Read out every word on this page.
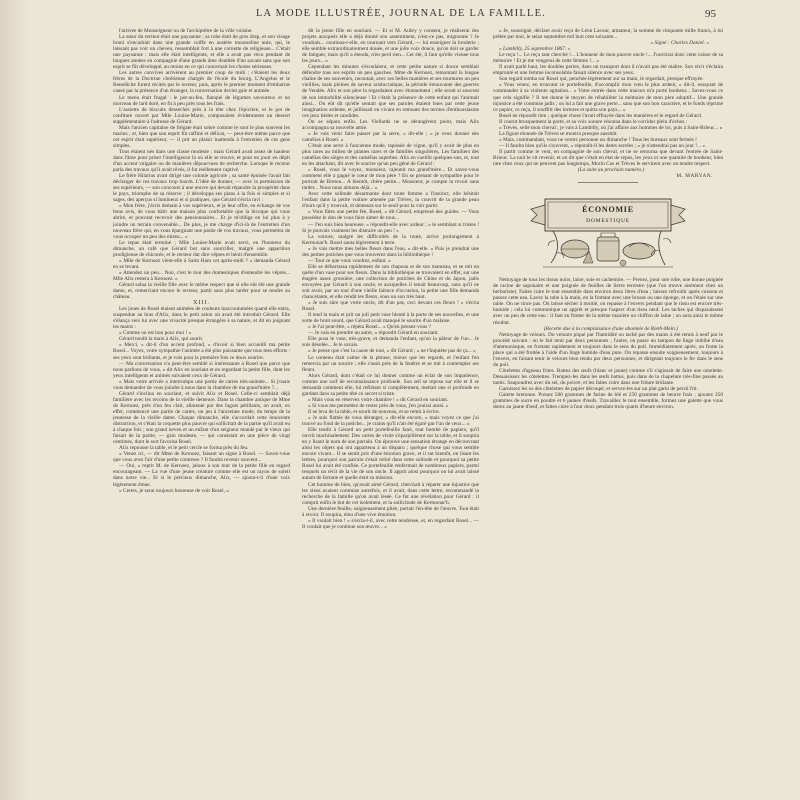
LA MODE ILLUSTRÉE, JOURNAL DE LA FAMILLE.	95

l'arrivée de Monseigneur ou de l'archiprêtre de la ville voisine.

La sœur du recteur était une paysanne ; sa robe était de gros drap, et son visage bruni s'encadrait dans une grande coiffe en austère mousseline unie, qui, le laissant pas voir un cheveu, ressemblait fort à une cornette de religieuse... C'était une paysanne : mais elle était intelligente, et elle a avait pas vécu pendant de longues années en compagnie d'une grande âme doublée d'un savant sans que son esprit se fût développé, au moins en ce qui concernait les choses sérieuses.

Les autres convives arrivèrent au premier coup de midi ; c'étaient les deux frères de la Doctrine chrétienne chargés de l'école du bourg. L'Angelus et le Benedicite furent récités par le recteur, puis, après le premier moment d'embarras causé par la présence d'un étranger, la conversation devint gaie et animée.

Le menu était frugal : le pot-au-feu, flanqué de légumes savoureux et un morceau de lard doré, en fit à peu près tous les frais.

L'assiette de biscuits desséchés près à la tête chez l'épicière, et le pot de confiture ouvert par Mlle Louise-Marie, composaient évidemment un dessert supplémentaire à l'adresse de Gérard.

Mais l'ancien capitaine de frégate était sobre comme le sont le plus souvent les marins ; et, bien que son esprit fût raffiné et délicat, — peut-être même parce que cet esprit était supérieur, — il prit un plaisir inattendu à l'entretien de ces gens simples.

Tous étaient nés dans une classe modeste ; mais Gérard avait assez de hauteur dans l'âme pour priser l'intelligence là où elle se trouve, et pour en jouir en dépit d'un accent vulgaire ou de manières dépourvues de recherche. Lorsque le recteur parla des travaux qu'il avait rêvés, il fut réellement captivé.

Le frère Hilarius avait dirigé une colonie agricole ; sa santé épuisée l'avait fait décharger de ces travaux trop lourds. L'idée de donner, — avec la permission de ses supérieurs, — son concours à une œuvre qui devait répandre la prospérité dans le pays, triomphe de sa réserve ; il développa ses plans à la fois si simples et si sages, des aperçus si lumineux et si pratiques, que Gérard s'écria ravi :

« Mon frère, j'écris demain à vos supérieurs, et je leur offre, en échange de vos bons avis, de vous bâtir une maison plus confortable que la bicoque qui vous abrite, et pouvant recevoir des pensionnaires... Et je m'oblige en lui plus à y joindre un terrain convenable... De plus, je me charge d'ici-là de l'entretien d'un nouveau frère qui, en vous épargnant une partie de vos travaux, vous permettra de vous occuper un peu des miens... »

Le repas était terminé ; Mlle Louise-Marie avait servi, en l'honneur du dimanche, un café que Gérard but sans sourciller, malgré une apparition prodigieuse de chicorée, et le recteur dut dire vêpres et bénit d'ensemble.

« Mlle de Kernoez vient-elle à Saint Ham cet après-midi ? » demanda Gérard en se levant.

« Attendez un peu... Non, c'est le tour des domestiques d'entendre les vêpres... Mlle Alix restera à Kernoez. »

Gérard salua la vieille fille avec le même respect que si elle eût été une grande dame, et, remerciant encore le recteur, partit sans plus tarder pour se rendre au château.

XIII.

Les joues de Rosel étaient animées de couleurs inaccoutumées quand elle entra, suspendue au bras d'Alix, dans le petit salon où avait été introduit Gérard. Elle s'élança vers lui avec une vivacité presque étrangère à sa nature, et dit en joignant les mains :

« Comme on est bon pour moi ! »

Gérard tendit la main à Alix, qui sourit.

« Merci, » dit-il d'un accent profond, « d'avoir si bien accueilli ma petite Rosel... Voyez, votre sympathie l'animée a été plus puissante que tous mes efforts : ses yeux sont brillants, et je vois pour la première fois ce doux sourire.

— Ma conversation n'a peut-être semblé si intéressante à Rosel que parce que nous parlions de vous, » dit Alix en souriant et en regardant la petite fille, dont les yeux intelligents et animés suivaient ceux de Gérard.

« Mais votre arrivée a interrompu une partie de cartes très-animée... Si j'osais vous demander de vous joindre à nous dans la chambre de ma grand'mère ?...

Gérard s'inclina en souriant, et suivit Alix et Rosel. Celle-ci semblait déjà familière avec les recoins de la vieille demeure. Dans la chambre antique de Mme de Kernoez, près d'un feu clair, alimenté par des fagots pétillants, on avait, en effet, commencé une partie de cartes, un jeu à l'ancienne mode, du temps de la jeunesse de la vieille dame. Chaque dimanche, elle s'accordait cette innocente distraction, et c'était la coquette plus pauvre qui sollicitait de la partie qu'il avait eu à chaque fois ; son grand neveu et un enfant d'un seigneur mandé par le vieux qui faisait de la partie, — gain modeste, — qui consistait en une pièce de vingt centimes, dont le sort favorisa Rosel.

Alix repousse la table, et le petit cercle se forma près du feu.

« Venez ici, — dit Mme de Kernoez, faisant un signe à Rosel. — Savez-vous que vous avez l'air d'une petite comtesse ? Il faudra revenir souvent...

— Oui, » reprit M. de Kernoez, jaloux à son tour de la petite fille en regard encourageant. — La vue d'une jeune créature comme elle est un rayon de soleil dans notre vie... Et si le précieux dimanche, Alix, — ajouta-t-il d'une voix légèrement émue.

« Certes, je serai toujours heureuse de voir Rosel, »

dit la jeune fille en souriant. — Et si M. Aubry y consent, je réaliserai des projets auxquels elle a déjà donné son assentiment, n'est-ce pas, mignonne ? Je voudrais... continua-t-elle, en tournant vers Gérard, — lui enseigner la broderie ; elle semble extraordinairement douée, et une jolie voix douce, qu'on doit se garder de fatiguer, mais qu'il a étendu, n'en perd rien... Cet été, il faut qu'elle vienne tous les jours... »

Cependant les minutes s'écoulaient, et cette petite nature si douce semblait défendre tous ses esprits un peu gauches. Mme de Kernoez, remontant la longue chaîne de ses souvenirs, racontait, avec ses belles manières et ses tournures un peu vieillies, mais pleines de saveur aristocratique, la période émouvante des guerres de Vendée. Alix et son père la regardaient avec étonnement ; elle serait si souvent de son immobilité silencieuse ! Et c'était la présence de cette enfant qui l'animait ainsi... On eût dit qu'elle sentait que ses paroles étaient bues par cette jeune imagination ardente, et jaillissait en vivant en remuant des termes d'enthousiasme ces jeux tièdes et candides.

On se sépara enfin. Les Viellards ne se dérangèrent point, mais Alix accompagna sa nouvelle amie.

« Je vais venir faire passer par la serre, » dit-elle ; « je veux donner des camélias à Rosel. »

C'était une serre à l'ancienne mode, tapissée de vigne, qu'il y avait de plus en plus rares au milieu de plantes rares et de familles singulières, Les familiers des camélias des sièges et des camélias superbes. Alix en cueillit quelques-uns, et, tout en les attachant, dit avec le sourire qu'un peu gêné de Gérard :

« Rosel, vous le voyez, monsieur, rajeunit ma grand'mère... Et savez-vous comment elle a gagné le cœur de mon père ? En se prenant de sympathie pour le portrait de Breton... A bientôt, chère petite... Monsieur, je compte la revoir sans tarder... Nous nous aimons déjà... »

Avec cette solitude désarmante dont toute femme a l'instinct, elle hésitait l'enfant dans la petite voiture amenée par Trèves, la couvrit de la grande peau d'ours qu'il y trouvait, et demeura sur le seuil pour la voir partir.

« Vous fûtes une petite fée, Rosel, » dit Gérard, empressé des guides. — Vous possédez le don de vous faire aimer de tous...

— J'en suis bien heureuse, » répondit-elle avec ardeur ; « le semblant si tristes ! Si je pouvais vraiment les distraire un peu ! »

La voiture, malgré les difficultés de la route, arrive prolongement à Kermonar'h. Rosel sauta légèrement à terre.

« Je vais mettre mes belles fleurs dans l'eau, » dit-elle. « Puis je prendrai une des petites potiches que vous trouverez dans la bibliothèque !

— Tout ce que vous voudrez, enfant. »

Elle se débarrassa rapidement de son chapeau et de son manteau, et se mit en quête d'un vase pour ses fleurs. Dans la bibliothèque se trouvaient en effet, sur une étagère assez grossière, une collection de potiches de Chine et du Japon, jadis envoyées par Gérard à son oncle, et auxquelles il tenait beaucoup, sans qu'il ne soit avoir, par un tour d'une vieille faïence d'occasion, la petite une fille demanda chancelante, et elle rendit les fleurs, sous un son très haut.

« Je suis sûre que votre oncle, dit d'un pas, ceci devant ces fleurs ! » s'écria Rosel.

Il tend la main et prit un joli petit vase bleuté à la porte de ses nouvelles, et une sorte de bruit sourd, que Gérard avait manqué le sourire d'un malaise.

« Je l'ai peut-être, » répéta Rosel... « Qu'en pensez-vous ?

— Je vais en prendre un autre, » répondit Gérard en souriant.

Elle posa le vase, très-grave, et demanda l'enfant, qu'on la pâleur de l'un... Je suis désolée... Je le savais.

« Je pense que c'est la cause de tout, » dit Gérard ; « ne t'inquiète pas de ça... »

Le contenu était calme de la phrase, mieux que les regards, et l'enfant l'en remercia par un sourire ; elle s'assit près de la fenêtre et se mit à contempler ses fleurs.

Alors Gérard, dont c'était ce lui donner comme un éclat de son impatience, comme une soif de reconnaissance profonde. Son œil se reposa sur elle et il se demanda comment elle, lui reflétant si complètement, mettait une si profonde en gardant dans sa petite tête ce secret si triste.

« Mais vous en réservez votre chambre ! » dit Gérard en souriant.

« Si vous me permettez de rester près de vous, j'en jouirai aussi. »

Il se leva de la table, et sourit de nouveau, et se remit à écrire.

« Je suis flattée de vous déranger, » dit-elle encore, « mais voyez ce que j'ai trouvé au fond de la potiche... je crains qu'il n'ait été égaré par l'un de ceux... »

Elle tendit à Gérard un petit portefeuille fané, tout bombé de papiers, qu'il ouvrit machinalement. Des cartes de visite s'éparpillèrent sur la table, et il soupira en y lisant le nom de son parrain. On éprouve une sensation étrange en découvrant ainsi les objets qui ont appartenu à un disparu ; quelque chose qui vous semble encore vivant... Il se sentit pris d'une émotion grave, et il sut bientôt, en lisant les lettres, pourquoi son parrain s'était retiré dans cette solitude et pourquoi sa petite Rosel lui avait été confiée. Ce portefeuille renfermait de nombreux papiers, parmi lesquels un récit de la vie de son oncle. Il apprit ainsi pourquoi on lui avait laissé autant de fortune et quelle était sa mission.

Cet homme de bien, qu'avait aimé Gérard, cherchait à réparer une injustice que les siens avaient commise autrefois, et il avait, dans cette lettre, recommandé la recherche de la famille qu'on avait lésée. Ce fut une révélation pour Gérard : il comprit enfin le but de cet isolement, et la sollicitude de Kermonar'h.

Une dernière feuille, soigneusement pliée, portait l'en-tête de l'œuvre. Tout était à revoir. Il soupira, ému d'une vive émotion.

« Il voulait bien ! » s'écria-t-il, avec cette tendresse, et, en regardant Rosel... — Il voulait que je continue son œuvre... »

« Je, soussigné, déclare avoir reçu de Léon Lacour, armateur, la somme de cinquante mille francs, à lui prêtée par moi, le seize septembre mil huit cent soixante...

« Signé : Charles Daniel. »

« Lambilly, 25 septembre 1867. »

Le reçu !... Le reçu tant cherché !... L'honneur de mon pauvre oncle !... J'ouvrirai donc cette caisse de sa mémoire ! Et je me vengerai de cette femme !... »

Il avait parlé haut, les doubles portes, dans un transport dont il n'avait pas été maître. Son récit s'éclaira emprunté et une femme inconsolable faisait silence avec ses yeux.

Son regard tomba sur Rosel qui, penchée légèrement sur sa main, le regardait, presque effrayée.

« Vous venez, en trouvant ce portefeuille, d'accomplir mon vœu le plus ardent, » dit-il, essayant de commander à sa violente agitation... « Votre entrée dans cette maison m'a porté bonheur... Savez-vous ce que cela signifie ? Il me donne le moyen de réhabiliter la mémoire de mon père adoptif... Une grande injustice a été commise jadis ; on lui a fait une grave perte... sans que son bon caractère, et le fonds réprimé ce papier, ce reçu, il souffrit des tortures et quitta son pays... »

Rosel ne répondit rien ; quelque chose l'avait effrayée dans les manières et le regard de Gérard.

Il courut brusquement la porte, et sa voix sonore résonna dans le corridor plein d'échos :

« Trèves, selle mon cheval ; je vais à Lambilly, où j'ai affaire aux hommes de loi, puis à Saint-Brieuc... »

La figure étonnée de Trèves se montra presque aussitôt.

« Mais, commandant, vous ne verrez personne un dimanche ! Tous les bureaux sont fermés !

— Il faudra bien qu'ils s'ouvrent, » répondit-il les dents serrées ; « je n'attendrai pas un jour !... »

Il partit comme le vent, en compagnie de son cheval, et ne se retourna que devant l'entrée de Saint-Brieuc. La nuit le vit revenir, et on dit que c'était en état de repos, les yeux et une quantité de bonheur, bien rare chez ceux qui ne peuvent pas longtemps, Morin Cos et Trèves le servirent avec un tendre respect.

(La suite au prochain numéro.)

M. MARYAN.

ÉCONOMIE
DOMESTIQUE

Nettoyage de tous les tissus noirs, laine, soie et cachemire. — Prenez, pour une robe, une bonne poignée de racine de saponaire et une poignée de feuilles de lierre terrestre (que l'on trouve aisément chez un herboriste). Faites cuire le tout ensemble dans environ deux litres d'eau ; laissez refroidir après cuisson et passez cette eau. Lavez la robe à la main, en la frottant avec une brosse ou une éponge, et on l'étale sur une table. On ne rince pas. On laisse sécher à moitié, on repasse à l'envers pendant que le tissu est encore très-humide ; cela lui communique un apprêt et presque l'aspect d'un tissu neuf. Les taches qui disparaissent avec un peu de cette eau : il faut en frotter de la même manière un chiffon de laine ; on aura ainsi le même résultat.

(Recette due à la complaisance d'une abonnée de Rieth-Mein.)

Nettoyage de velours. Du velours piqué par l'humidité ou taché par des mains à été remis à neuf par le procédé suivant : on le fait tenir par deux personnes ; l'autre, on passe un tampon de linge imbibé d'eau d'ammoniaque, en frottant rapidement et toujours dans le sens du poil. Immédiatement après, on frotte la place qui a été frottée à l'aide d'un linge humide d'eau pure. On repasse ensuite soigneusement, toujours à l'envers, en faisant tenir le velours bien tendu par deux personnes, et dirigeant toujours le fer dans le sens du poil.

Côtelettes d'agneau frites. Battez des œufs (blanc et jaune) comme s'il s'agissait de faire une omelette. Dessaisissez les côtelettes. Trempez-les dans les œufs battus, puis dans de la chapelure très-fine passée au tamis. Saupoudrez avec du sel, du poivre, et les faites cuire dans une friture brûlante.

Garnissez les os des côtelettes de papier découpé, et servez-les sur un plat garni de persil frit.

Galette bretonne. Prenez 500 grammes de farine de blé et 250 grammes de beurre frais ; ajoutez 250 grammes de sucre en poudre et 6 jaunes d'œufs. Travaillez le tout ensemble, formez une galette que vous dorez au jaune d'œuf, et faites cuire à four doux pendant trois quarts d'heure environ.
